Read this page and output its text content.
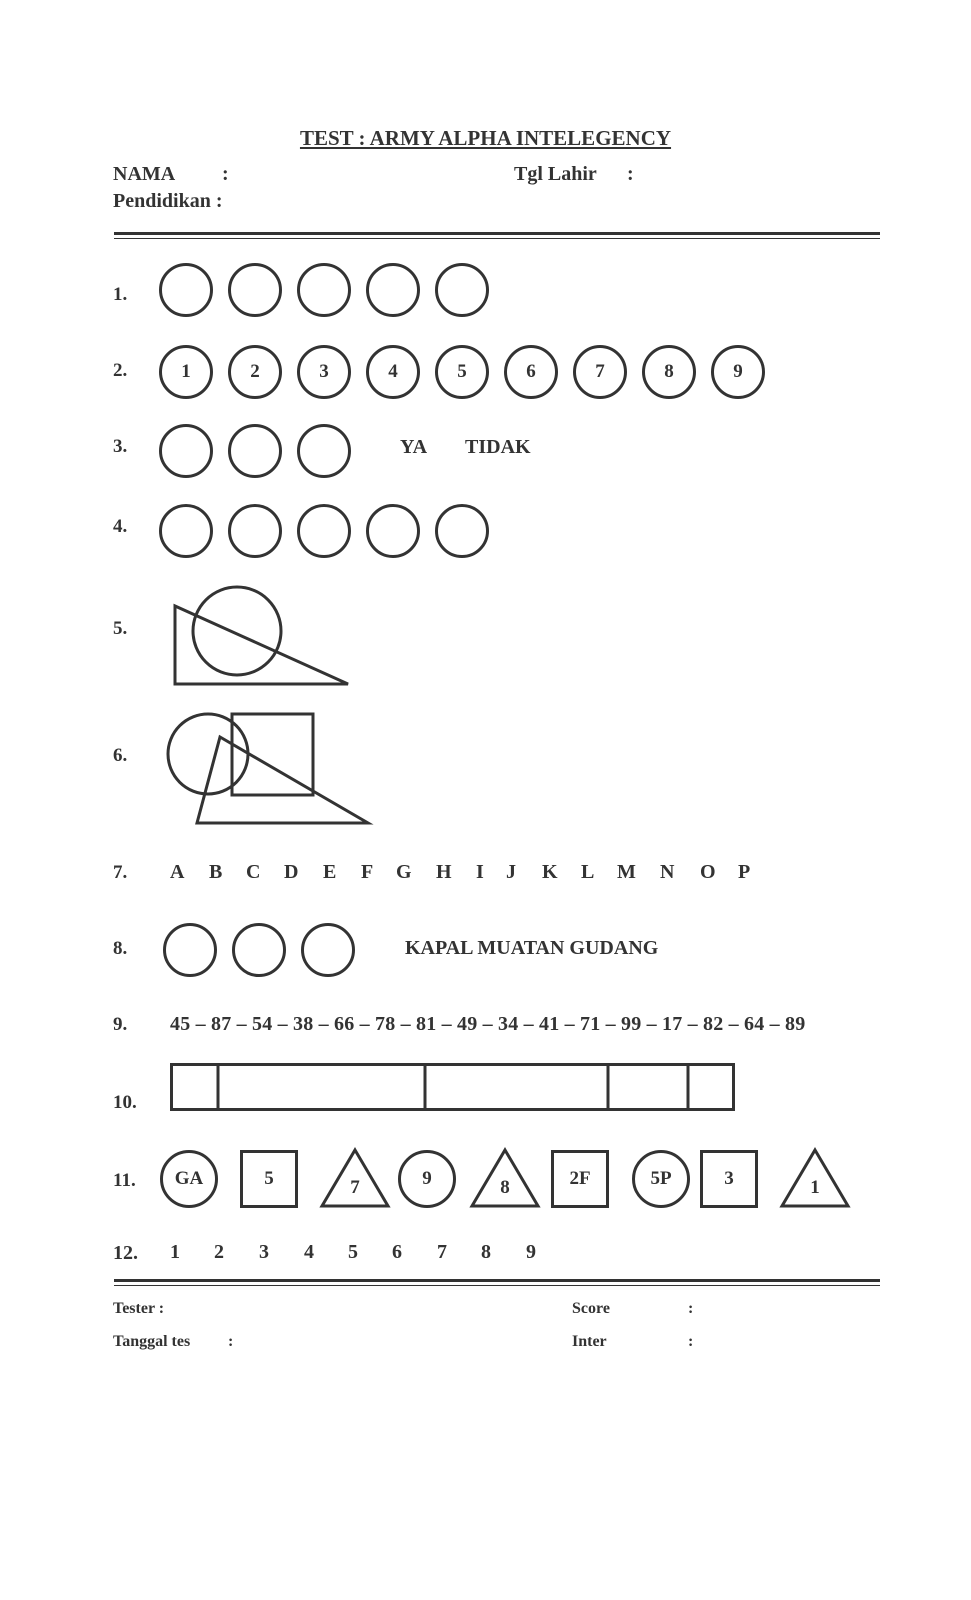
TEST : ARMY ALPHA INTELEGENCY
NAMA :	Tgl Lahir :
Pendidikan :
1.
2.	1	2	3	4	5	6	7	8	9
3.	YA TIDAK
4.
5.
6.
7. A B C D E F G H I J K L M N O P
8.	KAPAL MUATAN GUDANG
9. 45 – 87 – 54 – 38 – 66 – 78 – 81 – 49 – 34 – 41 – 71 – 99 – 17 – 82 – 64 – 89
10.
11.	GA	5	7	9	8	2F	5P	3	1
12. 1 2 3 4 5 6 7 8 9
Tester :
Tanggal tes :
Score	:
Inter	:
